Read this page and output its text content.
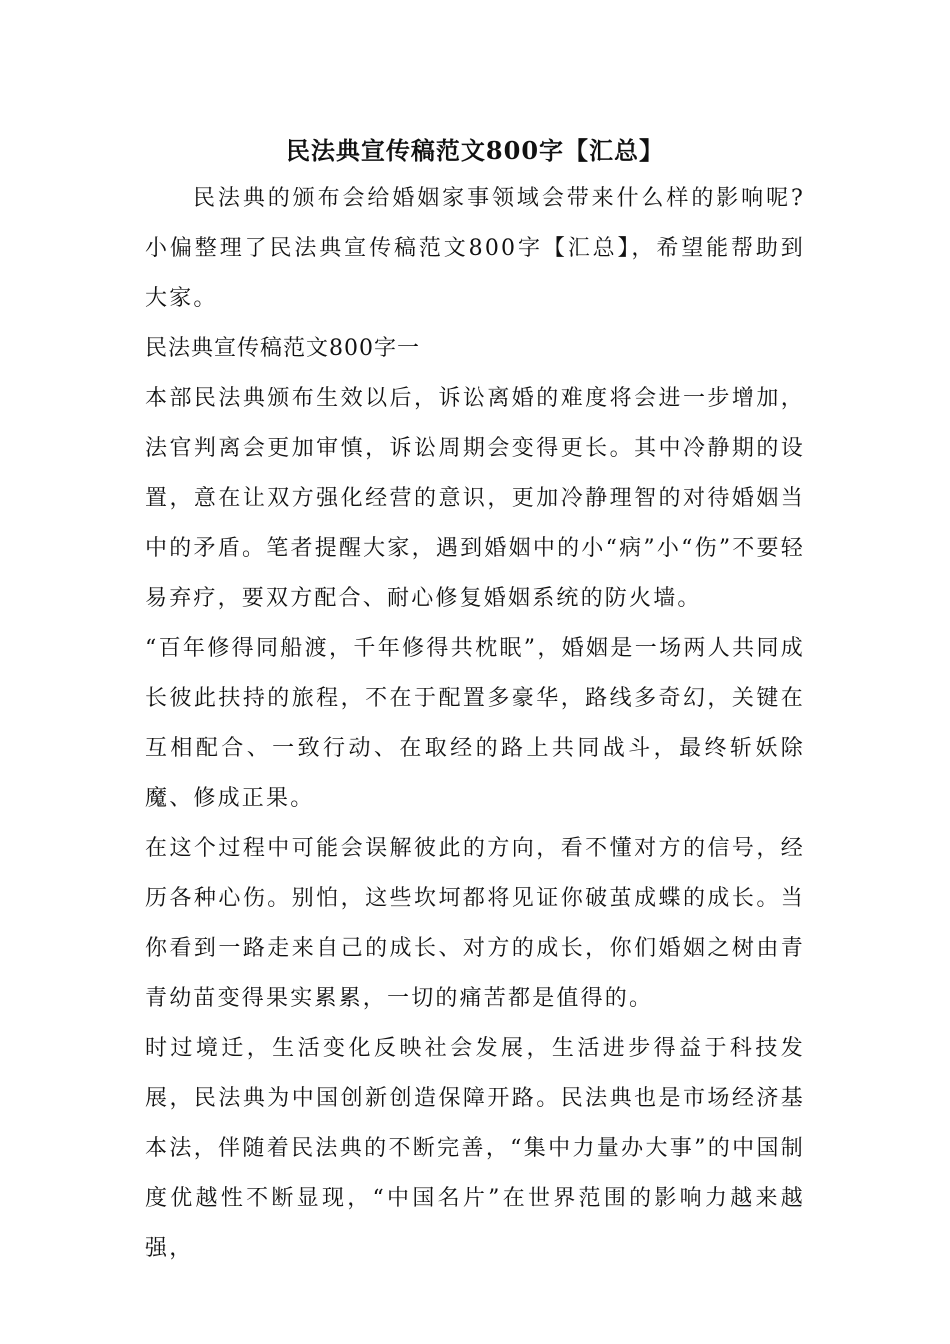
民法典宣传稿范文800字【汇总】

民法典的颁布会给婚姻家事领域会带来什么样的影响呢?小偏整理了民法典宣传稿范文800字【汇总】，希望能帮助到大家。

民法典宣传稿范文800字一

本部民法典颁布生效以后，诉讼离婚的难度将会进一步增加，法官判离会更加审慎，诉讼周期会变得更长。其中冷静期的设置，意在让双方强化经营的意识，更加冷静理智的对待婚姻当中的矛盾。笔者提醒大家，遇到婚姻中的小“病”小“伤”不要轻易弃疗，要双方配合、耐心修复婚姻系统的防火墙。

“百年修得同船渡，千年修得共枕眠”，婚姻是一场两人共同成长彼此扶持的旅程，不在于配置多豪华，路线多奇幻，关键在互相配合、一致行动、在取经的路上共同战斗，最终斩妖除魔、修成正果。

在这个过程中可能会误解彼此的方向，看不懂对方的信号，经历各种心伤。别怕，这些坎坷都将见证你破茧成蝶的成长。当你看到一路走来自己的成长、对方的成长，你们婚姻之树由青青幼苗变得果实累累，一切的痛苦都是值得的。

时过境迁，生活变化反映社会发展，生活进步得益于科技发展，民法典为中国创新创造保障开路。民法典也是市场经济基本法，伴随着民法典的不断完善，“集中力量办大事”的中国制度优越性不断显现，“中国名片”在世界范围的影响力越来越强，
